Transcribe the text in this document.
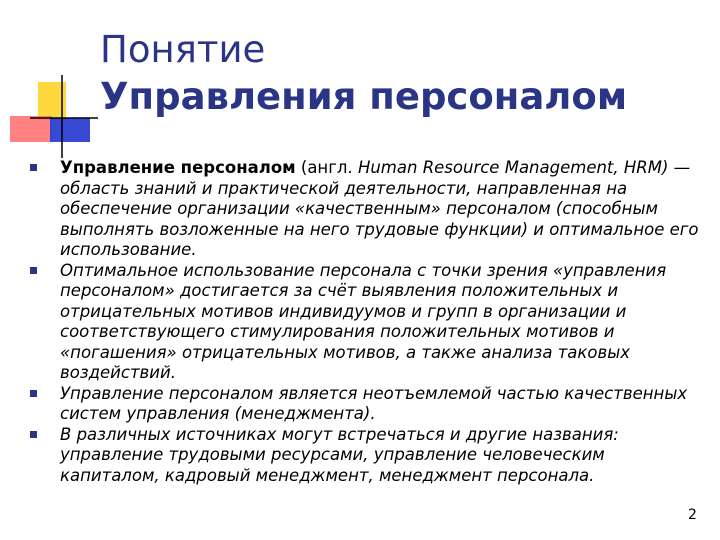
Понятие
Управления персоналом
Управление персоналом (англ. Human Resource Management, HRM) — область знаний и практической деятельности, направленная на обеспечение организации «качественным» персоналом (способным выполнять возложенные на него трудовые функции) и оптимальное его использование.
Оптимальное использование персонала с точки зрения «управления персоналом» достигается за счёт выявления положительных и отрицательных мотивов индивидуумов и групп в организации и соответствующего стимулирования положительных мотивов и «погашения» отрицательных мотивов, а также анализа таковых воздействий.
Управление персоналом является неотъемлемой частью качественных систем управления (менеджмента).
В различных источниках могут встречаться и другие названия: управление трудовыми ресурсами, управление человеческим капиталом, кадровый менеджмент, менеджмент персонала.
2
